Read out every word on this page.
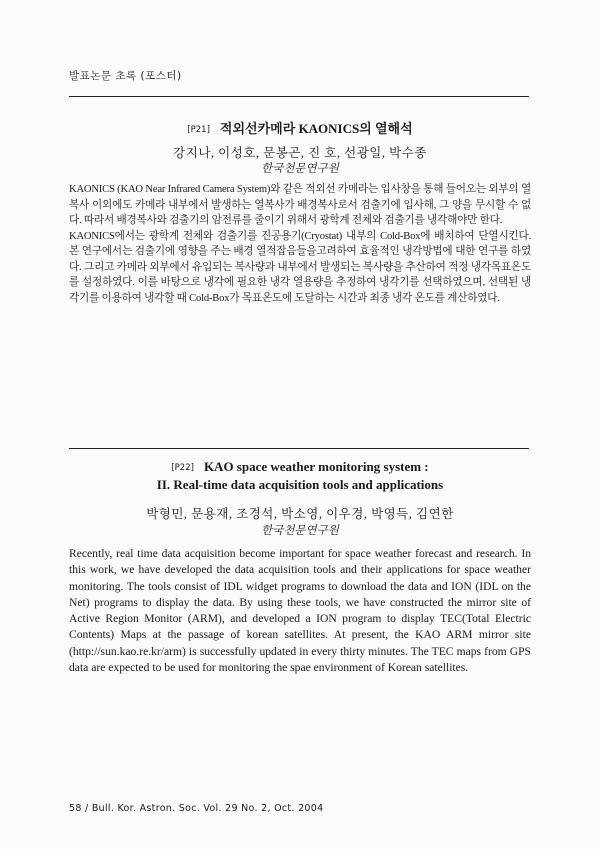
발표논문 초록 (포스터)
[P21] 적외선카메라 KAONICS의 열해석
강지나, 이성호, 문봉곤, 진 호, 선광일, 박수종
한국천문연구원

KAONICS (KAO Near Infrared Camera System)와 같은 적외선 카메라는 입사창을 통해 들어오는 외부의 열복사 이외에도 카메라 내부에서 발생하는 열복사가 배경복사로서 검출기에 입사해, 그 양을 무시할 수 없다. 따라서 배경복사와 검출기의 암전류를 줄이기 위해서 광학계 전체와 검출기를 냉각해야만 한다.

KAONICS에서는 광학계 전체와 검출기를 진공용기(Cryostat) 내부의 Cold-Box에 배치하여 단열시킨다. 본 연구에서는 검출기에 영향을 주는 배경 열적잡음들을고려하여 효율적인 냉각방법에 대한 연구를 하였다. 그리고 카메라 외부에서 유입되는 복사량과 내부에서 발생되는 복사량을 추산하여 적정 냉각목표온도를 설정하였다. 이를 바탕으로 냉각에 필요한 냉각 열용량을 추정하여 냉각기를 선택하였으며, 선택된 냉각기를 이용하여 냉각할 때 Cold-Box가 목표온도에 도달하는 시간과 최종 냉각 온도를 계산하였다.

[P22] KAO space weather monitoring system :
II. Real-time data acquisition tools and applications
박형민, 문용재, 조경석, 박소영, 이우경, 박영득, 김연한
한국천문연구원

Recently, real time data acquisition become important for space weather forecast and research. In this work, we have developed the data acquisition tools and their applications for space weather monitoring. The tools consist of IDL widget programs to download the data and ION (IDL on the Net) programs to display the data. By using these tools, we have constructed the mirror site of Active Region Monitor (ARM), and developed a ION program to display TEC(Total Electric Contents) Maps at the passage of korean satellites. At present, the KAO ARM mirror site (http://sun.kao.re.kr/arm) is successfully updated in every thirty minutes. The TEC maps from GPS data are expected to be used for monitoring the spae environment of Korean satellites.

58 / Bull. Kor. Astron. Soc. Vol. 29 No. 2, Oct. 2004
